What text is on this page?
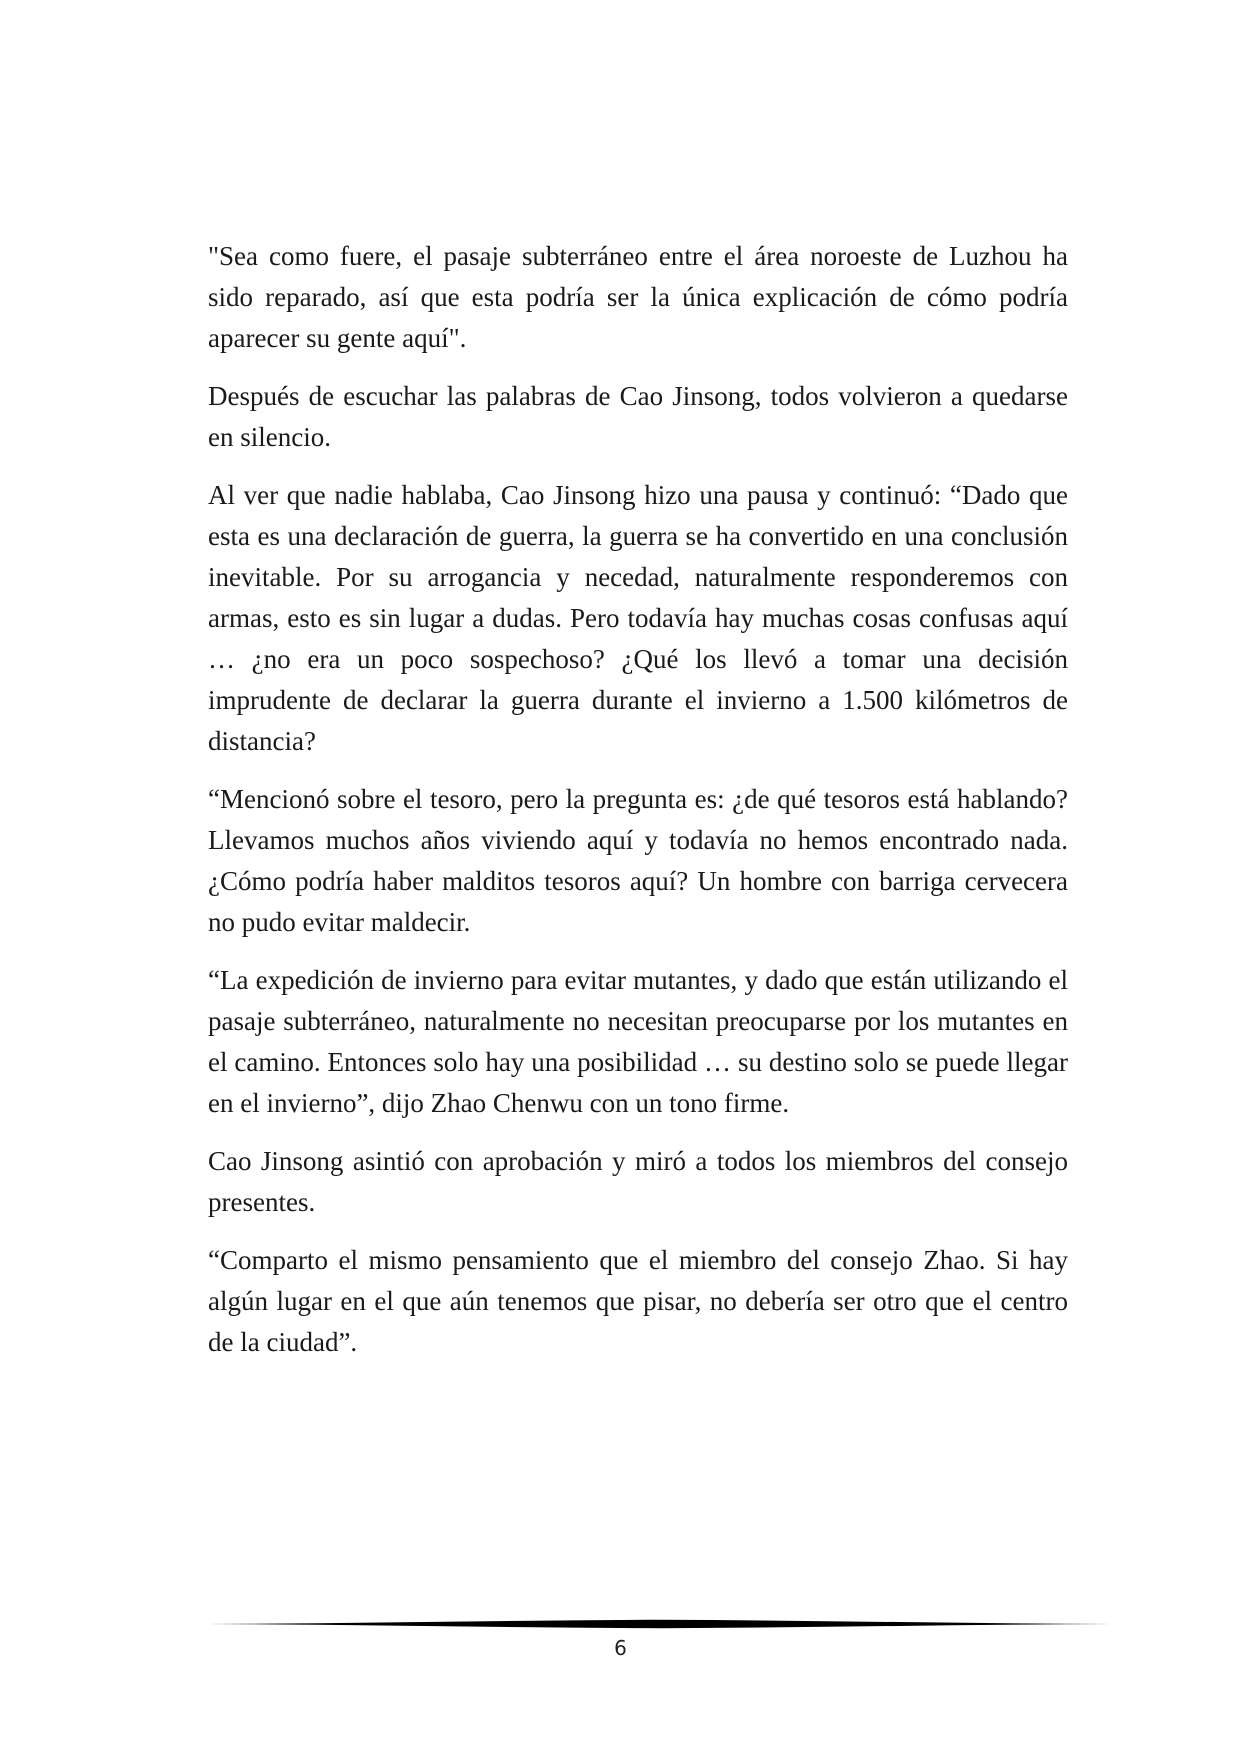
"Sea como fuere, el pasaje subterráneo entre el área noroeste de Luzhou ha sido reparado, así que esta podría ser la única explicación de cómo podría aparecer su gente aquí".

Después de escuchar las palabras de Cao Jinsong, todos volvieron a quedarse en silencio.

Al ver que nadie hablaba, Cao Jinsong hizo una pausa y continuó: “Dado que esta es una declaración de guerra, la guerra se ha convertido en una conclusión inevitable. Por su arrogancia y necedad, naturalmente responderemos con armas, esto es sin lugar a dudas. Pero todavía hay muchas cosas confusas aquí … ¿no era un poco sospechoso? ¿Qué los llevó a tomar una decisión imprudente de declarar la guerra durante el invierno a 1.500 kilómetros de distancia?

“Mencionó sobre el tesoro, pero la pregunta es: ¿de qué tesoros está hablando? Llevamos muchos años viviendo aquí y todavía no hemos encontrado nada. ¿Cómo podría haber malditos tesoros aquí? Un hombre con barriga cervecera no pudo evitar maldecir.

“La expedición de invierno para evitar mutantes, y dado que están utilizando el pasaje subterráneo, naturalmente no necesitan preocuparse por los mutantes en el camino. Entonces solo hay una posibilidad … su destino solo se puede llegar en el invierno”, dijo Zhao Chenwu con un tono firme.

Cao Jinsong asintió con aprobación y miró a todos los miembros del consejo presentes.

“Comparto el mismo pensamiento que el miembro del consejo Zhao. Si hay algún lugar en el que aún tenemos que pisar, no debería ser otro que el centro de la ciudad”.

6
